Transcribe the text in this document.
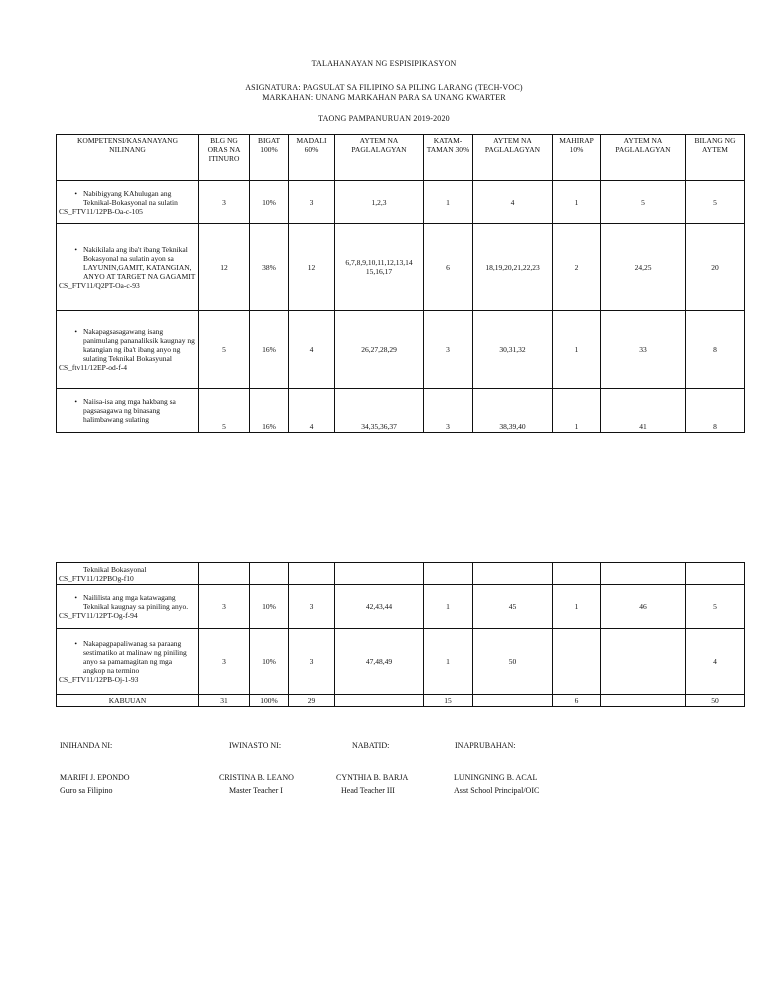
TALAHANAYAN NG ESPISIPIKASYON
ASIGNATURA: PAGSULAT SA FILIPINO SA PILING LARANG (TECH-VOC)
MARKAHAN: UNANG MARKAHAN PARA SA UNANG KWARTER
TAONG PAMPANURUAN 2019-2020
KOMPETENSI/KASANAYANG NILINANG	BLG NG ORAS NA ITINURO	BIGAT 100%	MADALI 60%	AYTEM NA PAGLALAGYAN	KATAM-TAMAN 30%	AYTEM NA PAGLALAGYAN	MAHIRAP 10%	AYTEM NA PAGLALAGYAN	BILANG NG AYTEM

• Nabibigyang KAhulugan ang Teknikal-Bokasyonal na sulatin
CS_FTV11/12PB-Oa-c-105	3	10%	3	1,2,3	1	4	1	5	5

• Nakikilala ang iba't ibang Teknikal Bokasyonal na sulatin ayon sa LAYUNIN,GAMIT, KATANGIAN, ANYO AT TARGET NA GAGAMIT
CS_FTV11/Q2PT-Oa-c-93	12	38%	12	6,7,8,9,10,11,12,13,14 15,16,17	6	18,19,20,21,22,23	2	24,25	20

• Nakapagsasagawang isang panimulang pananaliksik kaugnay ng katangian ng iba't ibang anyo ng sulating Teknikal Bokasyunal
CS_ftv11/12EP-od-f-4	5	16%	4	26,27,28,29	3	30,31,32	1	33	8

• Naiisa-isa ang mga hakbang sa pagsasagawa ng binasang halimbawang sulating	5	16%	4	34,35,36,37	3	38,39,40	1	41	8
Teknikal Bokasyonal
CS_FTV11/12PBOg-f10									

• Naililista ang mga katawagang Teknikal kaugnay sa piniling anyo.
CS_FTV11/12PT-Og-f-94	3	10%	3	42,43,44	1	45	1	46	5

• Nakapagpapaliwanag sa paraang sestimatiko at malinaw ng piniling anyo sa pamamagitan ng mga angkop na termino
CS_FTV11/12PB-Oj-1-93	3	10%	3	47,48,49	1	50			4
KABUUAN	31	100%	29		15		6		50
INIHANDA NI:	IWINASTO NI:	NABATID:	INAPRUBAHAN:
MARIFI J. EPONDO	CRISTINA B. LEANO	CYNTHIA B. BARJA	LUNINGNING B. ACAL
Guro sa Filipino	Master Teacher I	Head Teacher III	Asst School Principal/OIC
